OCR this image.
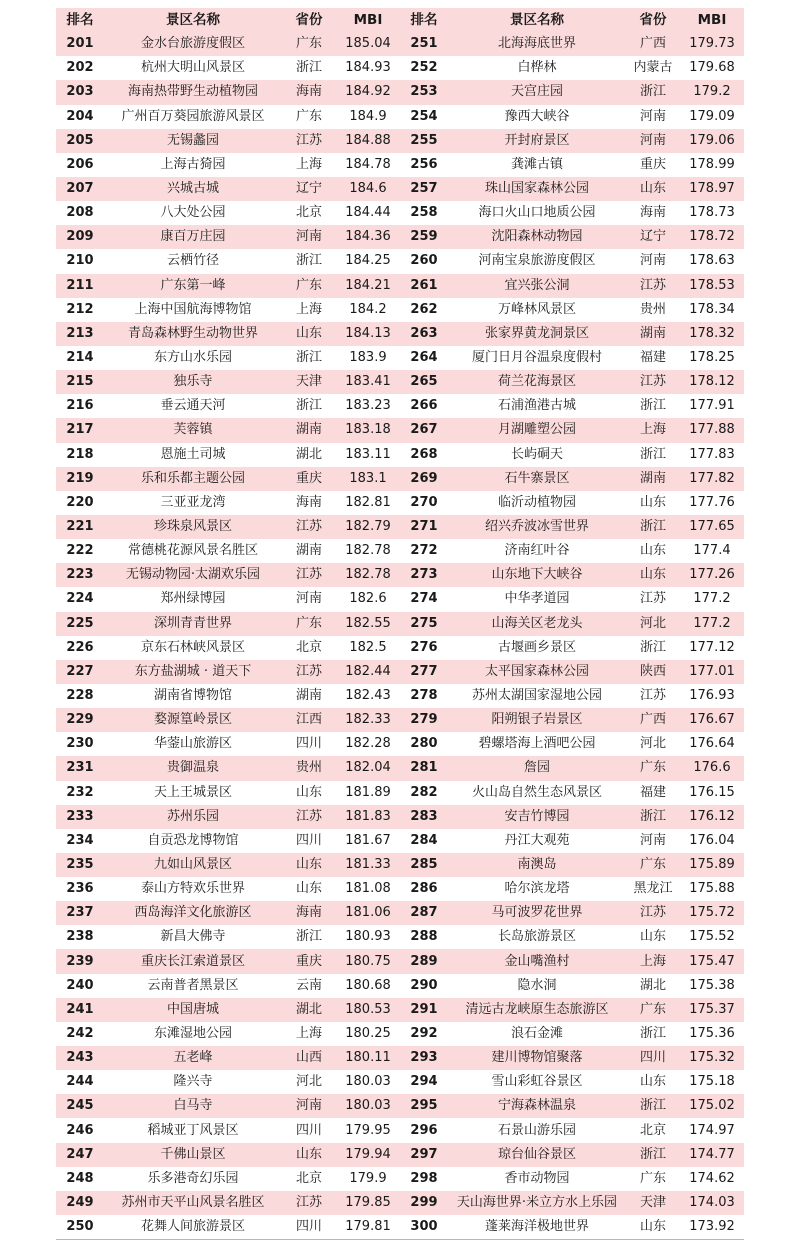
排名	景区名称	省份	MBI	排名	景区名称	省份	MBI
201	金水台旅游度假区	广东	185.04	251	北海海底世界	广西	179.73
202	杭州大明山风景区	浙江	184.93	252	白桦林	内蒙古	179.68
203	海南热带野生动植物园	海南	184.92	253	天宫庄园	浙江	179.2
204	广州百万葵园旅游风景区	广东	184.9	254	豫西大峡谷	河南	179.09
205	无锡蠡园	江苏	184.88	255	开封府景区	河南	179.06
206	上海古猗园	上海	184.78	256	龚滩古镇	重庆	178.99
207	兴城古城	辽宁	184.6	257	珠山国家森林公园	山东	178.97
208	八大处公园	北京	184.44	258	海口火山口地质公园	海南	178.73
209	康百万庄园	河南	184.36	259	沈阳森林动物园	辽宁	178.72
210	云栖竹径	浙江	184.25	260	河南宝泉旅游度假区	河南	178.63
211	广东第一峰	广东	184.21	261	宜兴张公洞	江苏	178.53
212	上海中国航海博物馆	上海	184.2	262	万峰林风景区	贵州	178.34
213	青岛森林野生动物世界	山东	184.13	263	张家界黄龙洞景区	湖南	178.32
214	东方山水乐园	浙江	183.9	264	厦门日月谷温泉度假村	福建	178.25
215	独乐寺	天津	183.41	265	荷兰花海景区	江苏	178.12
216	垂云通天河	浙江	183.23	266	石浦渔港古城	浙江	177.91
217	芙蓉镇	湖南	183.18	267	月湖雕塑公园	上海	177.88
218	恩施土司城	湖北	183.11	268	长屿硐天	浙江	177.83
219	乐和乐都主题公园	重庆	183.1	269	石牛寨景区	湖南	177.82
220	三亚亚龙湾	海南	182.81	270	临沂动植物园	山东	177.76
221	珍珠泉风景区	江苏	182.79	271	绍兴乔波冰雪世界	浙江	177.65
222	常德桃花源风景名胜区	湖南	182.78	272	济南红叶谷	山东	177.4
223	无锡动物园·太湖欢乐园	江苏	182.78	273	山东地下大峡谷	山东	177.26
224	郑州绿博园	河南	182.6	274	中华孝道园	江苏	177.2
225	深圳青青世界	广东	182.55	275	山海关区老龙头	河北	177.2
226	京东石林峡风景区	北京	182.5	276	古堰画乡景区	浙江	177.12
227	东方盐湖城 · 道天下	江苏	182.44	277	太平国家森林公园	陕西	177.01
228	湖南省博物馆	湖南	182.43	278	苏州太湖国家湿地公园	江苏	176.93
229	婺源篁岭景区	江西	182.33	279	阳朔银子岩景区	广西	176.67
230	华蓥山旅游区	四川	182.28	280	碧螺塔海上酒吧公园	河北	176.64
231	贵御温泉	贵州	182.04	281	詹园	广东	176.6
232	天上王城景区	山东	181.89	282	火山岛自然生态风景区	福建	176.15
233	苏州乐园	江苏	181.83	283	安吉竹博园	浙江	176.12
234	自贡恐龙博物馆	四川	181.67	284	丹江大观苑	河南	176.04
235	九如山风景区	山东	181.33	285	南澳岛	广东	175.89
236	泰山方特欢乐世界	山东	181.08	286	哈尔滨龙塔	黑龙江	175.88
237	西岛海洋文化旅游区	海南	181.06	287	马可波罗花世界	江苏	175.72
238	新昌大佛寺	浙江	180.93	288	长岛旅游景区	山东	175.52
239	重庆长江索道景区	重庆	180.75	289	金山嘴渔村	上海	175.47
240	云南普者黑景区	云南	180.68	290	隐水洞	湖北	175.38
241	中国唐城	湖北	180.53	291	清远古龙峡原生态旅游区	广东	175.37
242	东滩湿地公园	上海	180.25	292	浪石金滩	浙江	175.36
243	五老峰	山西	180.11	293	建川博物馆聚落	四川	175.32
244	隆兴寺	河北	180.03	294	雪山彩虹谷景区	山东	175.18
245	白马寺	河南	180.03	295	宁海森林温泉	浙江	175.02
246	稻城亚丁风景区	四川	179.95	296	石景山游乐园	北京	174.97
247	千佛山景区	山东	179.94	297	琼台仙谷景区	浙江	174.77
248	乐多港奇幻乐园	北京	179.9	298	香市动物园	广东	174.62
249	苏州市天平山风景名胜区	江苏	179.85	299	天山海世界·米立方水上乐园	天津	174.03
250	花舞人间旅游景区	四川	179.81	300	蓬莱海洋极地世界	山东	173.92
